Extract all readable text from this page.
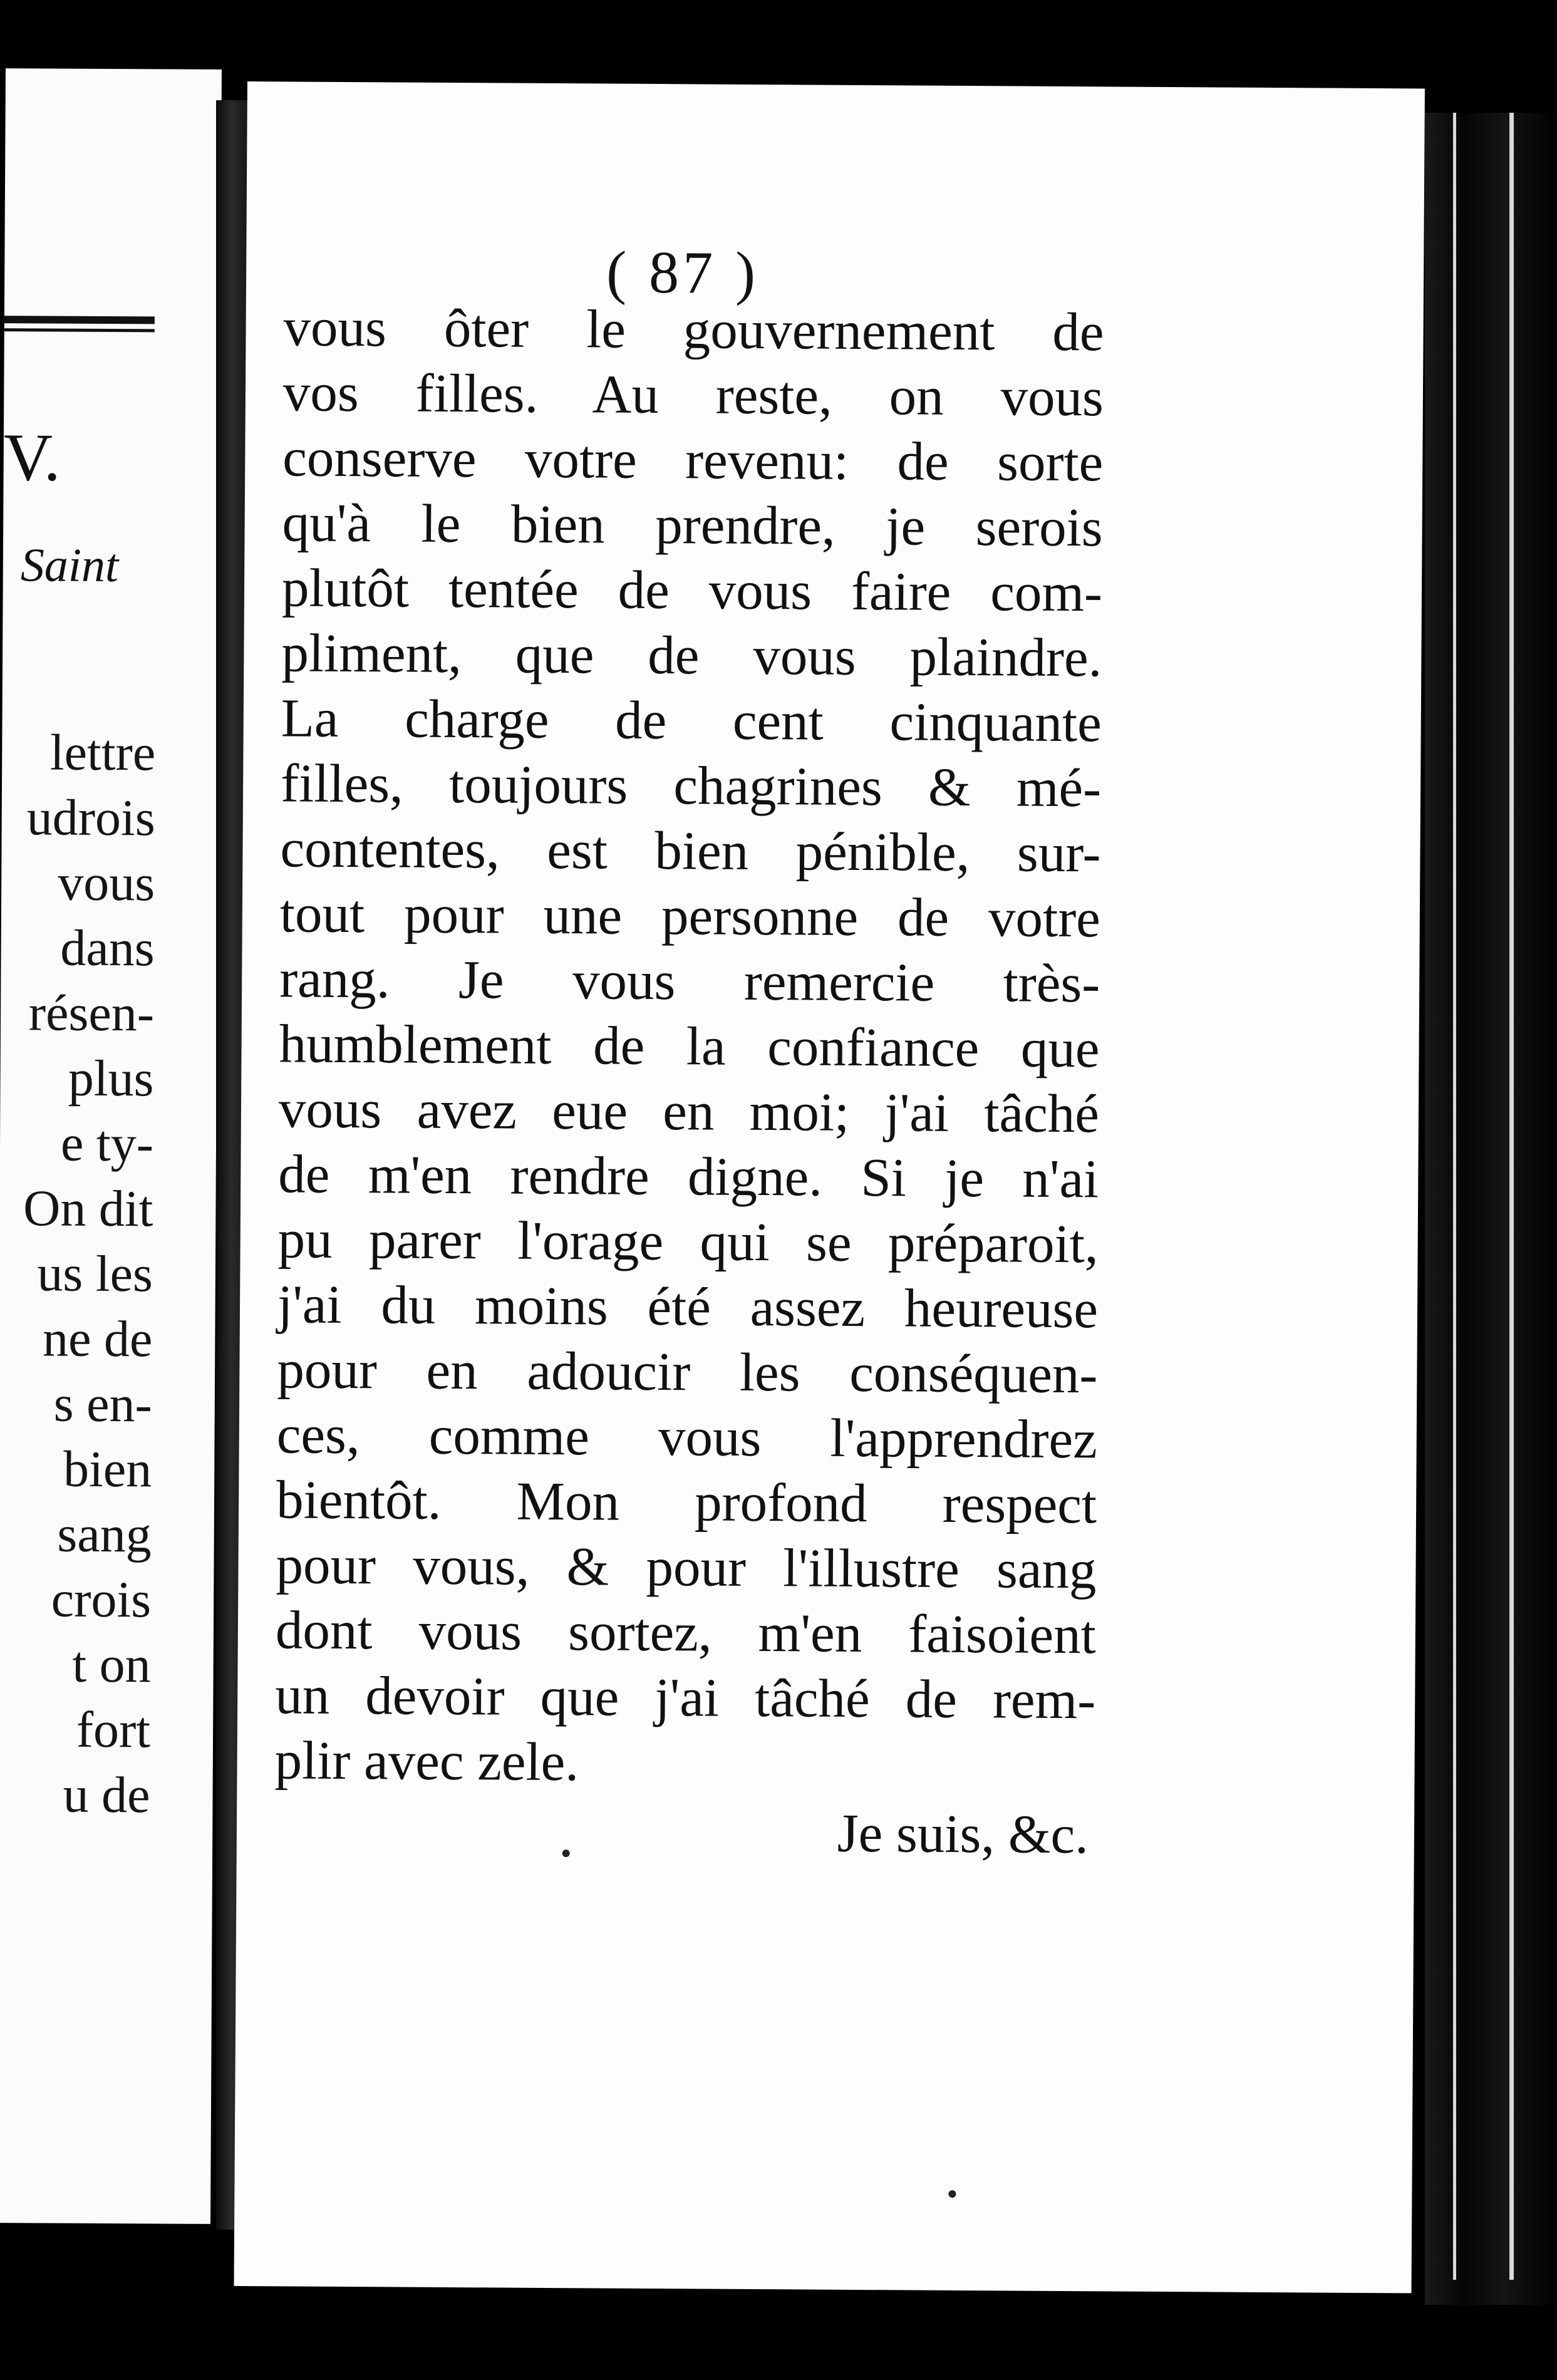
V.
Saint
lettre
udrois
vous
dans
résen-
plus
e ty-
On dit
us les
ne de
s en-
bien
sang
crois
t on
fort
u de
( 87 )
vous ôter le gouvernement de
vos filles. Au reste, on vous
conserve votre revenu: de sorte
qu'à le bien prendre, je serois
plutôt tentée de vous faire com-
pliment, que de vous plaindre.
La charge de cent cinquante
filles, toujours chagrines & mé-
contentes, est bien pénible, sur-
tout pour une personne de votre
rang. Je vous remercie très-
humblement de la confiance que
vous avez eue en moi; j'ai tâché
de m'en rendre digne. Si je n'ai
pu parer l'orage qui se préparoit,
j'ai du moins été assez heureuse
pour en adoucir les conséquen-
ces, comme vous l'apprendrez
bientôt. Mon profond respect
pour vous, & pour l'illustre sang
dont vous sortez, m'en faisoient
un devoir que j'ai tâché de rem-
plir avec zele.
Je suis, &c.
